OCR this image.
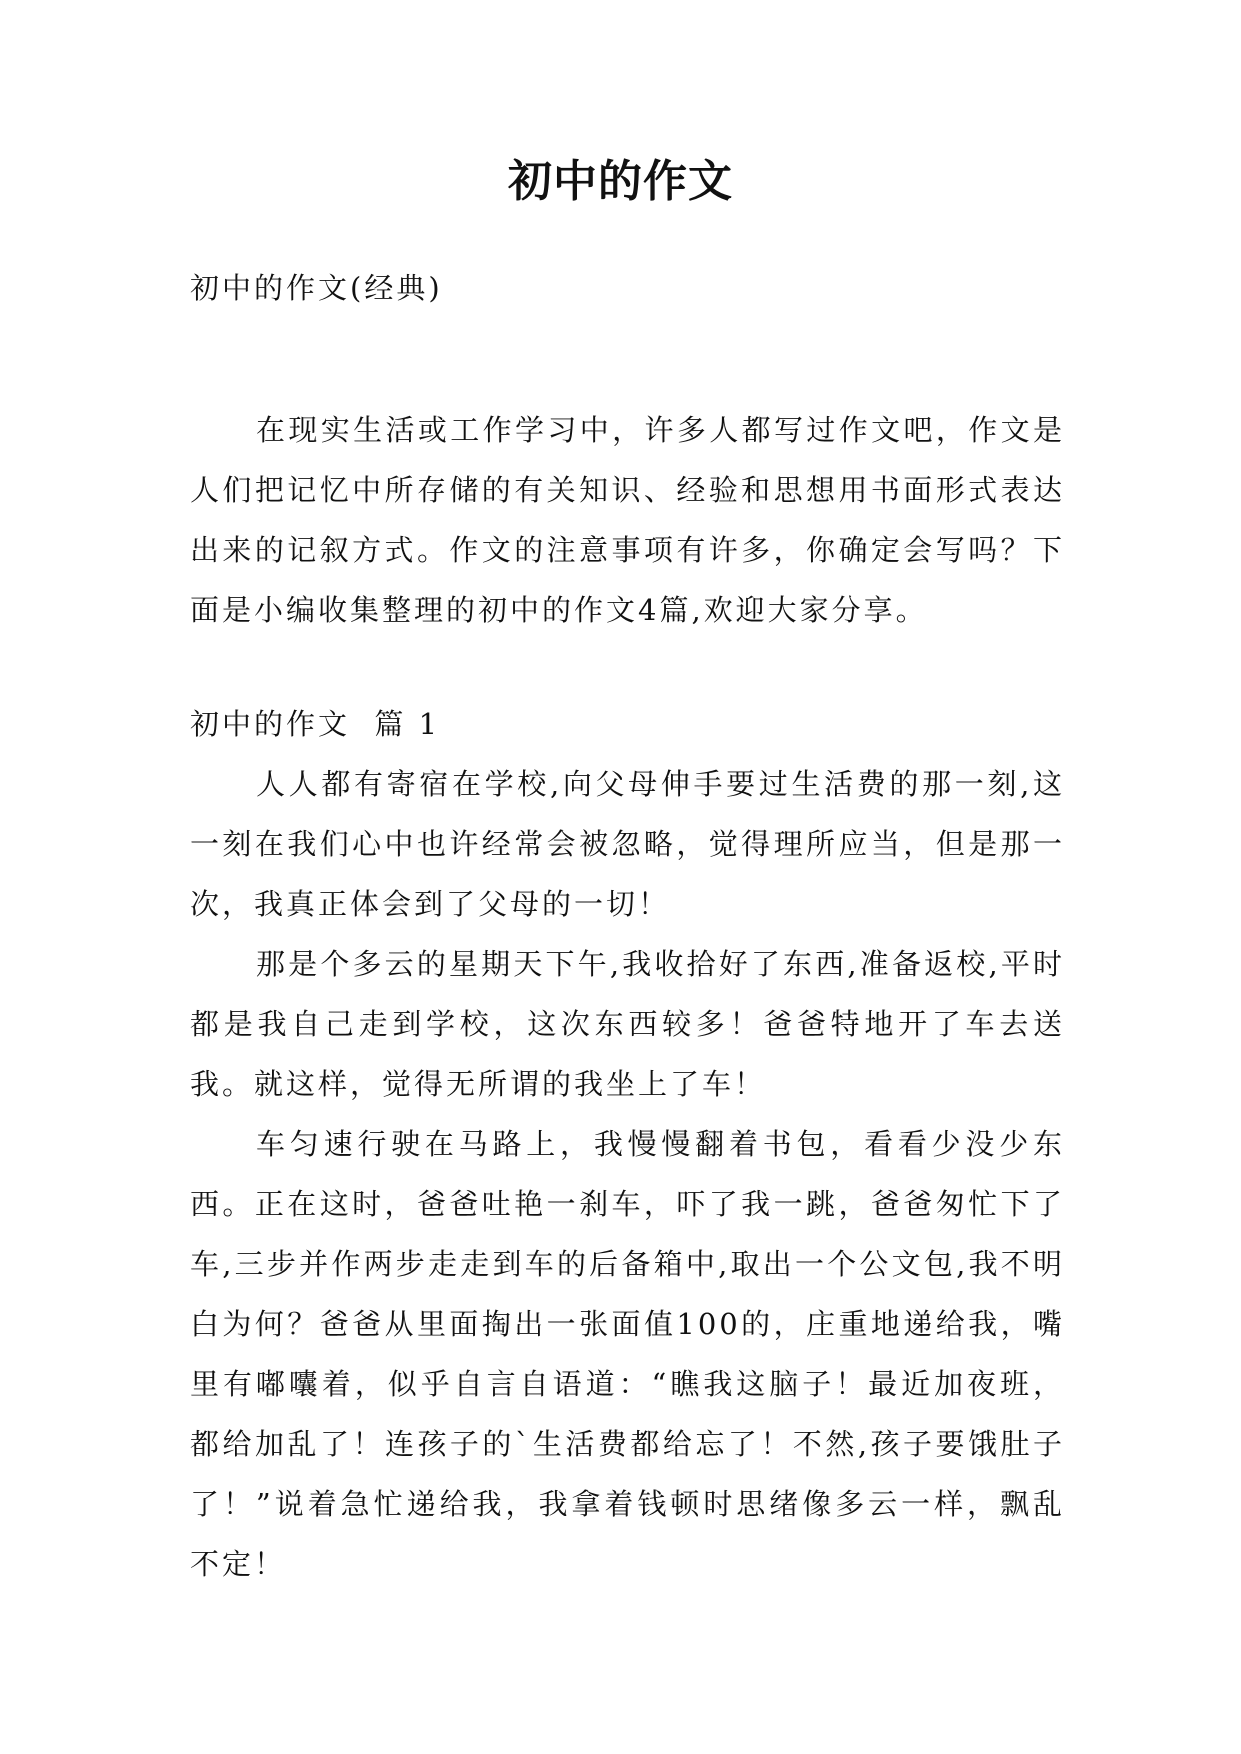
初中的作文

初中的作文(经典)

在现实生活或工作学习中，许多人都写过作文吧，作文是人们把记忆中所存储的有关知识、经验和思想用书面形式表达出来的记叙方式。作文的注意事项有许多，你确定会写吗？下面是小编收集整理的初中的作文4篇,欢迎大家分享。

初中的作文  篇 1

人人都有寄宿在学校,向父母伸手要过生活费的那一刻,这一刻在我们心中也许经常会被忽略，觉得理所应当，但是那一次，我真正体会到了父母的一切！

那是个多云的星期天下午,我收拾好了东西,准备返校,平时都是我自己走到学校，这次东西较多！爸爸特地开了车去送我。就这样，觉得无所谓的我坐上了车！

车匀速行驶在马路上，我慢慢翻着书包，看看少没少东西。正在这时，爸爸吐艳一刹车，吓了我一跳，爸爸匆忙下了车,三步并作两步走走到车的后备箱中,取出一个公文包,我不明白为何？爸爸从里面掏出一张面值100的，庄重地递给我，嘴里有嘟囔着，似乎自言自语道：“瞧我这脑子！最近加夜班，都给加乱了！连孩子的`生活费都给忘了！不然,孩子要饿肚子了！”说着急忙递给我，我拿着钱顿时思绪像多云一样，飘乱不定！
